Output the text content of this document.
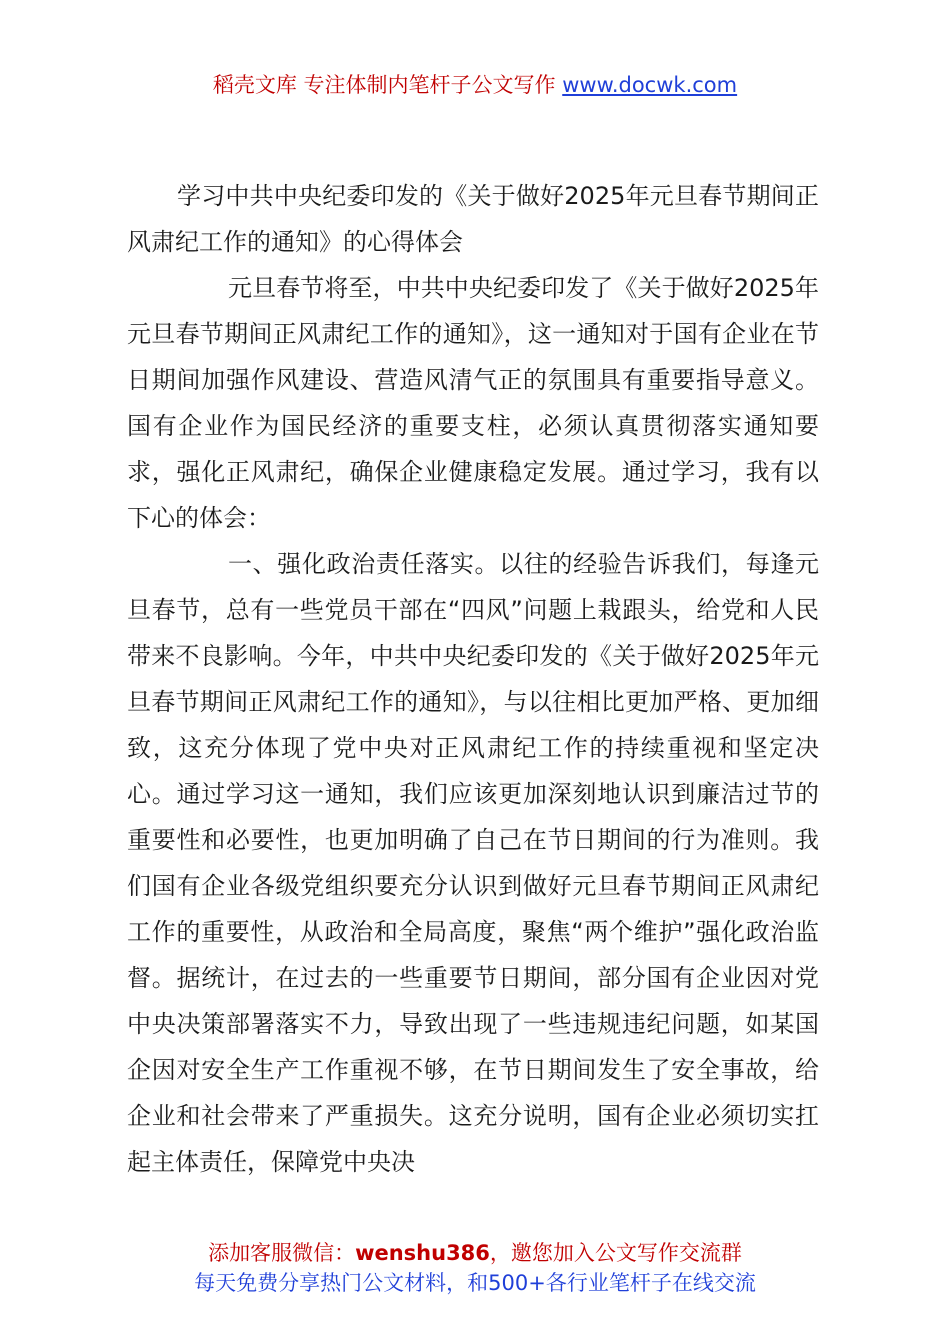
稻壳文库 专注体制内笔杆子公文写作 www.docwk.com

学习中共中央纪委印发的《关于做好2025年元旦春节期间正风肃纪工作的通知》的心得体会

元旦春节将至，中共中央纪委印发了《关于做好2025年元旦春节期间正风肃纪工作的通知》，这一通知对于国有企业在节日期间加强作风建设、营造风清气正的氛围具有重要指导意义。国有企业作为国民经济的重要支柱，必须认真贯彻落实通知要求，强化正风肃纪，确保企业健康稳定发展。通过学习，我有以下心的体会：

一、强化政治责任落实。以往的经验告诉我们，每逢元旦春节，总有一些党员干部在“四风”问题上栽跟头，给党和人民带来不良影响。今年，中共中央纪委印发的《关于做好2025年元旦春节期间正风肃纪工作的通知》，与以往相比更加严格、更加细致，这充分体现了党中央对正风肃纪工作的持续重视和坚定决心。通过学习这一通知，我们应该更加深刻地认识到廉洁过节的重要性和必要性，也更加明确了自己在节日期间的行为准则。我们国有企业各级党组织要充分认识到做好元旦春节期间正风肃纪工作的重要性，从政治和全局高度，聚焦“两个维护”强化政治监督。据统计，在过去的一些重要节日期间，部分国有企业因对党中央决策部署落实不力，导致出现了一些违规违纪问题，如某国企因对安全生产工作重视不够，在节日期间发生了安全事故，给企业和社会带来了严重损失。这充分说明，国有企业必须切实扛起主体责任，保障党中央决

添加客服微信：wenshu386，邀您加入公文写作交流群
每天免费分享热门公文材料，和500+各行业笔杆子在线交流
